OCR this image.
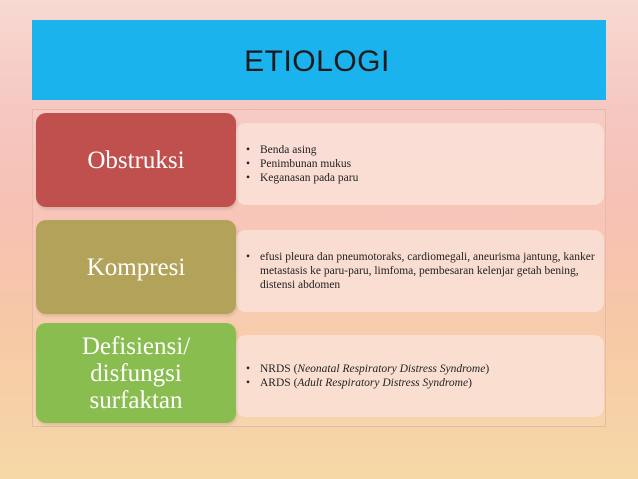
ETIOLOGI
• Benda asing
• Penimbunan mukus
• Keganasan pada paru
Obstruksi
• efusi pleura dan pneumotoraks, cardiomegali, aneurisma jantung, kanker metastasis ke paru-paru, limfoma, pembesaran kelenjar getah bening, distensi abdomen
Kompresi
• NRDS (Neonatal Respiratory Distress Syndrome)
• ARDS (Adult Respiratory Distress Syndrome)
Defisiensi/
disfungsi
surfaktan
